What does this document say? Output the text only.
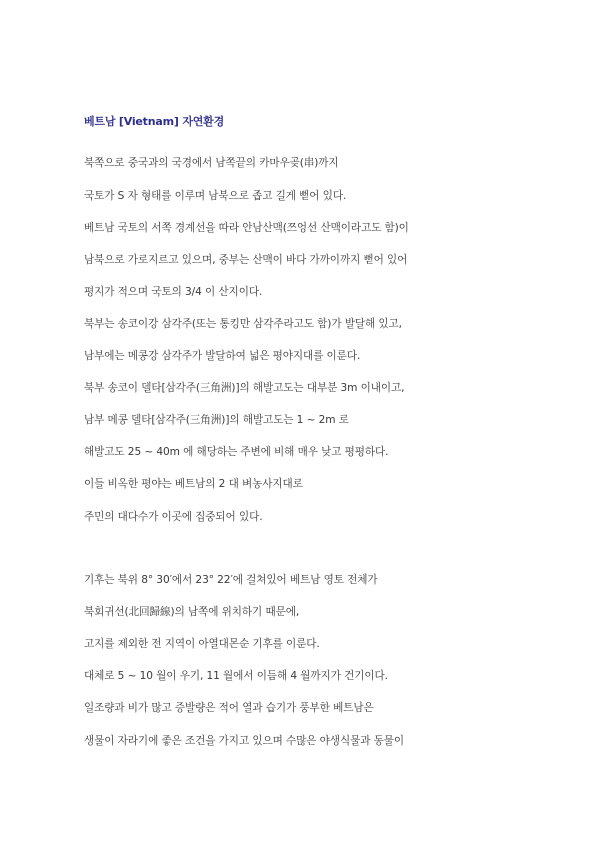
베트남 [Vietnam] 자연환경
북쪽으로 중국과의 국경에서 남쪽끝의 카마우곶(串)까지
국토가 S 자 형태를 이루며 남북으로 좁고 길게 뻗어 있다.
베트남 국토의 서쪽 경계선을 따라 안남산맥(쯔엉선 산맥이라고도 함)이
남북으로 가로지르고 있으며, 중부는 산맥이 바다 가까이까지 뻗어 있어
평지가 적으며 국토의 3/4 이 산지이다.
북부는 송코이강 삼각주(또는 통킹만 삼각주라고도 함)가 발달해 있고,
남부에는 메콩강 삼각주가 발달하여 넓은 평야지대를 이룬다.
북부 송코이 델타[삼각주(三角洲)]의 해발고도는 대부분 3m 이내이고,
남부 메콩 델타[삼각주(三角洲)]의 해발고도는 1 ~ 2m 로
해발고도 25 ~ 40m 에 해당하는 주변에 비해 매우 낮고 평평하다.
이들 비옥한 평야는 베트남의 2 대 벼농사지대로
주민의 대다수가 이곳에 집중되어 있다.
기후는 북위 8° 30′에서 23° 22′에 걸쳐있어 베트남 영토 전체가
북회귀선(北回歸線)의 남쪽에 위치하기 때문에,
고지를 제외한 전 지역이 아열대몬순 기후를 이룬다.
대체로 5 ~ 10 월이 우기, 11 월에서 이듬해 4 월까지가 건기이다.
일조량과 비가 많고 증발량은 적어 열과 습기가 풍부한 베트남은
생물이 자라기에 좋은 조건을 가지고 있으며 수많은 야생식물과 동물이
